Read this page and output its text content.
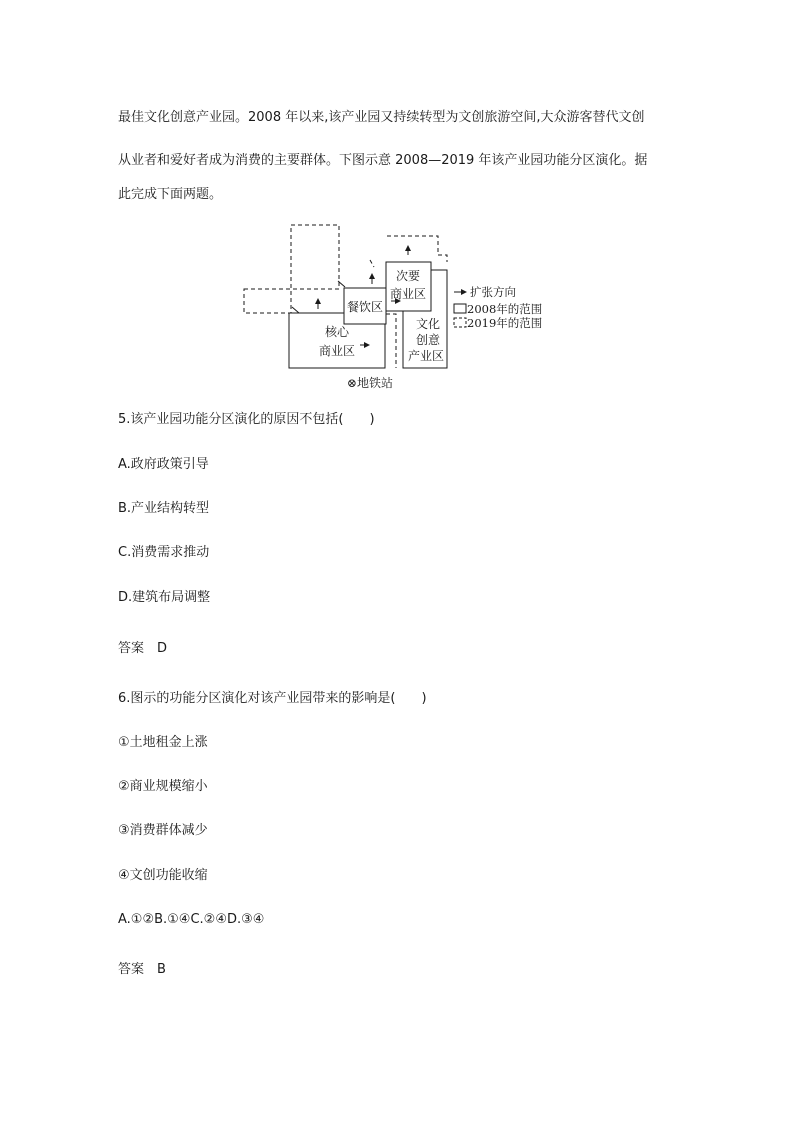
最佳文化创意产业园。2008 年以来,该产业园又持续转型为文创旅游空间,大众游客替代文创
从业者和爱好者成为消费的主要群体。下图示意 2008—2019 年该产业园功能分区演化。据
此完成下面两题。
核心
商业区
餐饮区
次要
商业区
文化
创意
产业区
扩张方向
2008年的范围
2019年的范围
⊗地铁站
5.该产业园功能分区演化的原因不包括(　　)
A.政府政策引导
B.产业结构转型
C.消费需求推动
D.建筑布局调整
答案　D
6.图示的功能分区演化对该产业园带来的影响是(　　)
①土地租金上涨
②商业规模缩小
③消费群体减少
④文创功能收缩
A.①②B.①④C.②④D.③④
答案　B
